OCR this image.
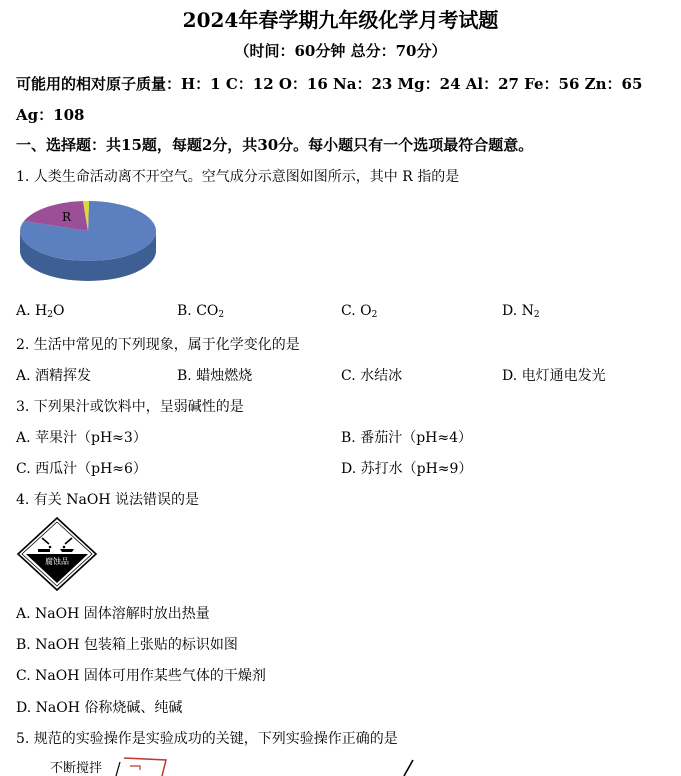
2024年春学期九年级化学月考试题
（时间：60分钟 总分：70分）
可能用的相对原子质量：H：1 C：12 O：16 Na：23 Mg：24 Al：27 Fe：56 Zn：65
Ag：108
一、选择题：共15题，每题2分，共30分。每小题只有一个选项最符合题意。
1. 人类生命活动离不开空气。空气成分示意图如图所示，其中 R 指的是
R
A. $H_2O$	B. $CO_2$	C. $O_2$	D. $N_2$
2. 生活中常见的下列现象，属于化学变化的是
A. 酒精挥发	B. 蜡烛燃烧	C. 水结冰	D. 电灯通电发光
3. 下列果汁或饮料中，呈弱碱性的是
A. 苹果汁（pH≈3）	B. 番茄汁（pH≈4）
C. 西瓜汁（pH≈6）	D. 苏打水（pH≈9）
4. 有关 NaOH 说法错误的是
腐蚀品
A. NaOH 固体溶解时放出热量
B. NaOH 包装箱上张贴的标识如图
C. NaOH 固体可用作某些气体的干燥剂
D. NaOH 俗称烧碱、纯碱
5. 规范的实验操作是实验成功的关键，下列实验操作正确的是
不断搅拌
